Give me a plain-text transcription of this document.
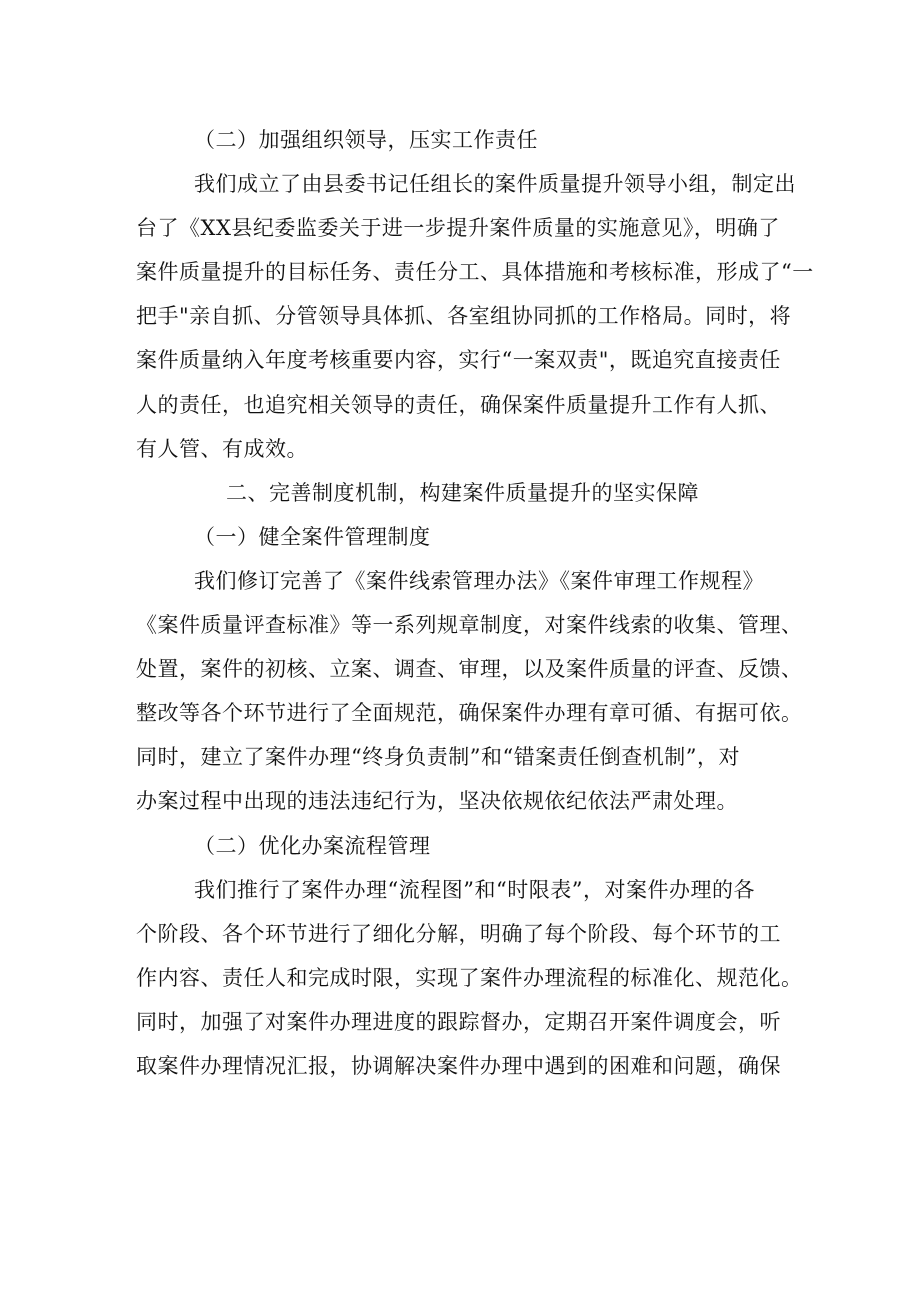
（二）加强组织领导，压实工作责任
我们成立了由县委书记任组长的案件质量提升领导小组，制定出
台了《XX县纪委监委关于进一步提升案件质量的实施意见》，明确了
案件质量提升的目标任务、责任分工、具体措施和考核标准，形成了“一
把手"亲自抓、分管领导具体抓、各室组协同抓的工作格局。同时，将
案件质量纳入年度考核重要内容，实行“一案双责"，既追究直接责任
人的责任，也追究相关领导的责任，确保案件质量提升工作有人抓、
有人管、有成效。
二、完善制度机制，构建案件质量提升的坚实保障
（一）健全案件管理制度
我们修订完善了《案件线索管理办法》《案件审理工作规程》
《案件质量评查标准》等一系列规章制度，对案件线索的收集、管理、
处置，案件的初核、立案、调查、审理，以及案件质量的评查、反馈、
整改等各个环节进行了全面规范，确保案件办理有章可循、有据可依。
同时，建立了案件办理“终身负责制”和“错案责任倒查机制”，对
办案过程中出现的违法违纪行为，坚决依规依纪依法严肃处理。
（二）优化办案流程管理
我们推行了案件办理“流程图”和“时限表”，对案件办理的各
个阶段、各个环节进行了细化分解，明确了每个阶段、每个环节的工
作内容、责任人和完成时限，实现了案件办理流程的标准化、规范化。
同时，加强了对案件办理进度的跟踪督办，定期召开案件调度会，听
取案件办理情况汇报，协调解决案件办理中遇到的困难和问题，确保
